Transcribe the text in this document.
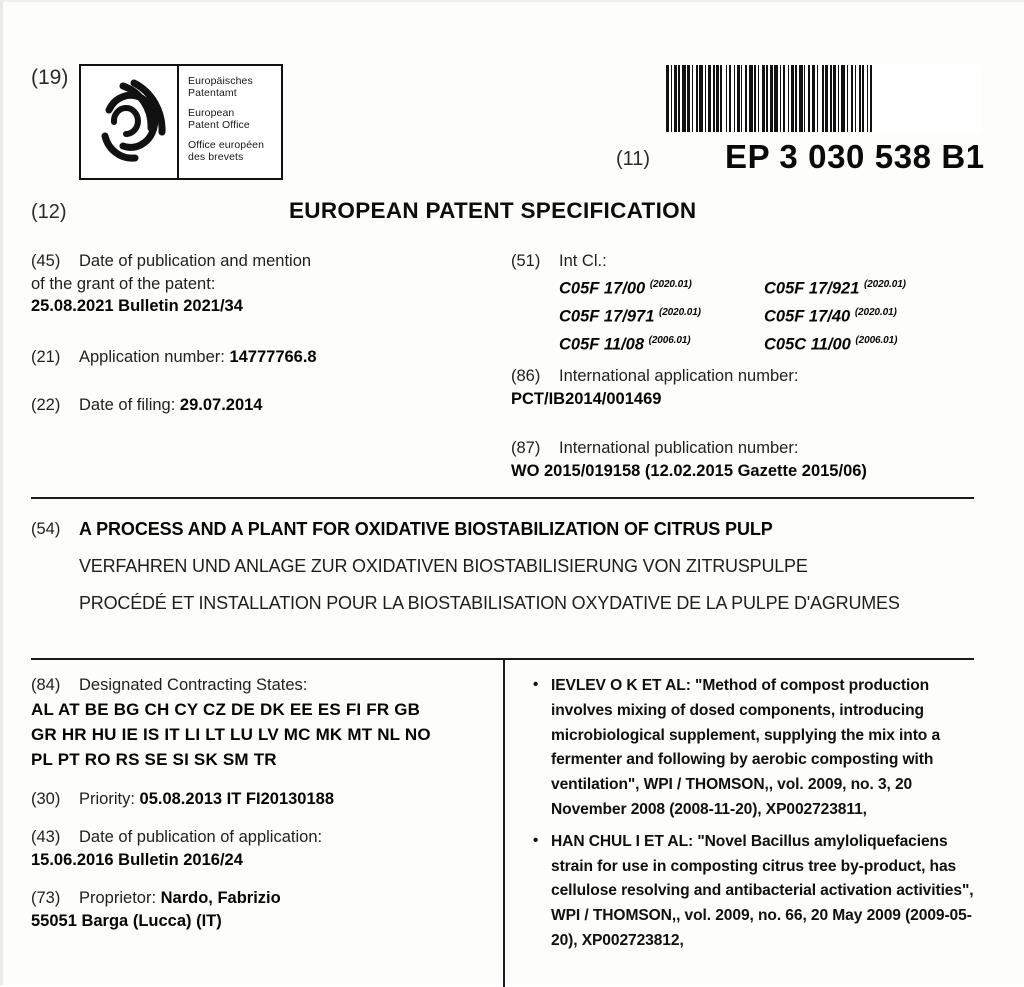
(19)	Europäisches
Patentamt

European
Patent Office

Office européen
des brevets	(11) EP 3 030 538 B1
(12)	EUROPEAN PATENT SPECIFICATION
(45)	Date of publication and mention
of the grant of the patent:
25.08.2021 Bulletin 2021/34
(21)	Application number: 14777766.8
(22)	Date of filing: 29.07.2014
(51)	Int Cl.:
C05F 17/00 $^{(2020.01)}$	C05F 17/921 $^{(2020.01)}$
C05F 17/971 $^{(2020.01)}$	C05F 17/40 $^{(2020.01)}$
C05F 11/08 $^{(2006.01)}$	C05C 11/00 $^{(2006.01)}$
(86)	International application number:
PCT/IB2014/001469
(87)	International publication number:
WO 2015/019158 (12.02.2015 Gazette 2015/06)
(54) A PROCESS AND A PLANT FOR OXIDATIVE BIOSTABILIZATION OF CITRUS PULP

VERFAHREN UND ANLAGE ZUR OXIDATIVEN BIOSTABILISIERUNG VON ZITRUSPULPE

PROCÉDÉ ET INSTALLATION POUR LA BIOSTABILISATION OXYDATIVE DE LA PULPE D'AGRUMES

(84)	Designated Contracting States:
AL AT BE BG CH CY CZ DE DK EE ES FI FR GB
GR HR HU IE IS IT LI LT LU LV MC MK MT NL NO
PL PT RO RS SE SI SK SM TR
(30)	Priority: 05.08.2013 IT FI20130188
(43)	Date of publication of application:
15.06.2016 Bulletin 2016/24
(73)	Proprietor: Nardo, Fabrizio
55051 Barga (Lucca) (IT)
• IEVLEV O K ET AL: "Method of compost production involves mixing of dosed components, introducing microbiological supplement, supplying the mix into a fermenter and following by aerobic composting with ventilation", WPI / THOMSON,, vol. 2009, no. 3, 20 November 2008 (2008-11-20), XP002723811,
• HAN CHUL I ET AL: "Novel Bacillus amyloliquefaciens strain for use in composting citrus tree by-product, has cellulose resolving and antibacterial activation activities", WPI / THOMSON,, vol. 2009, no. 66, 20 May 2009 (2009-05-20), XP002723812,
